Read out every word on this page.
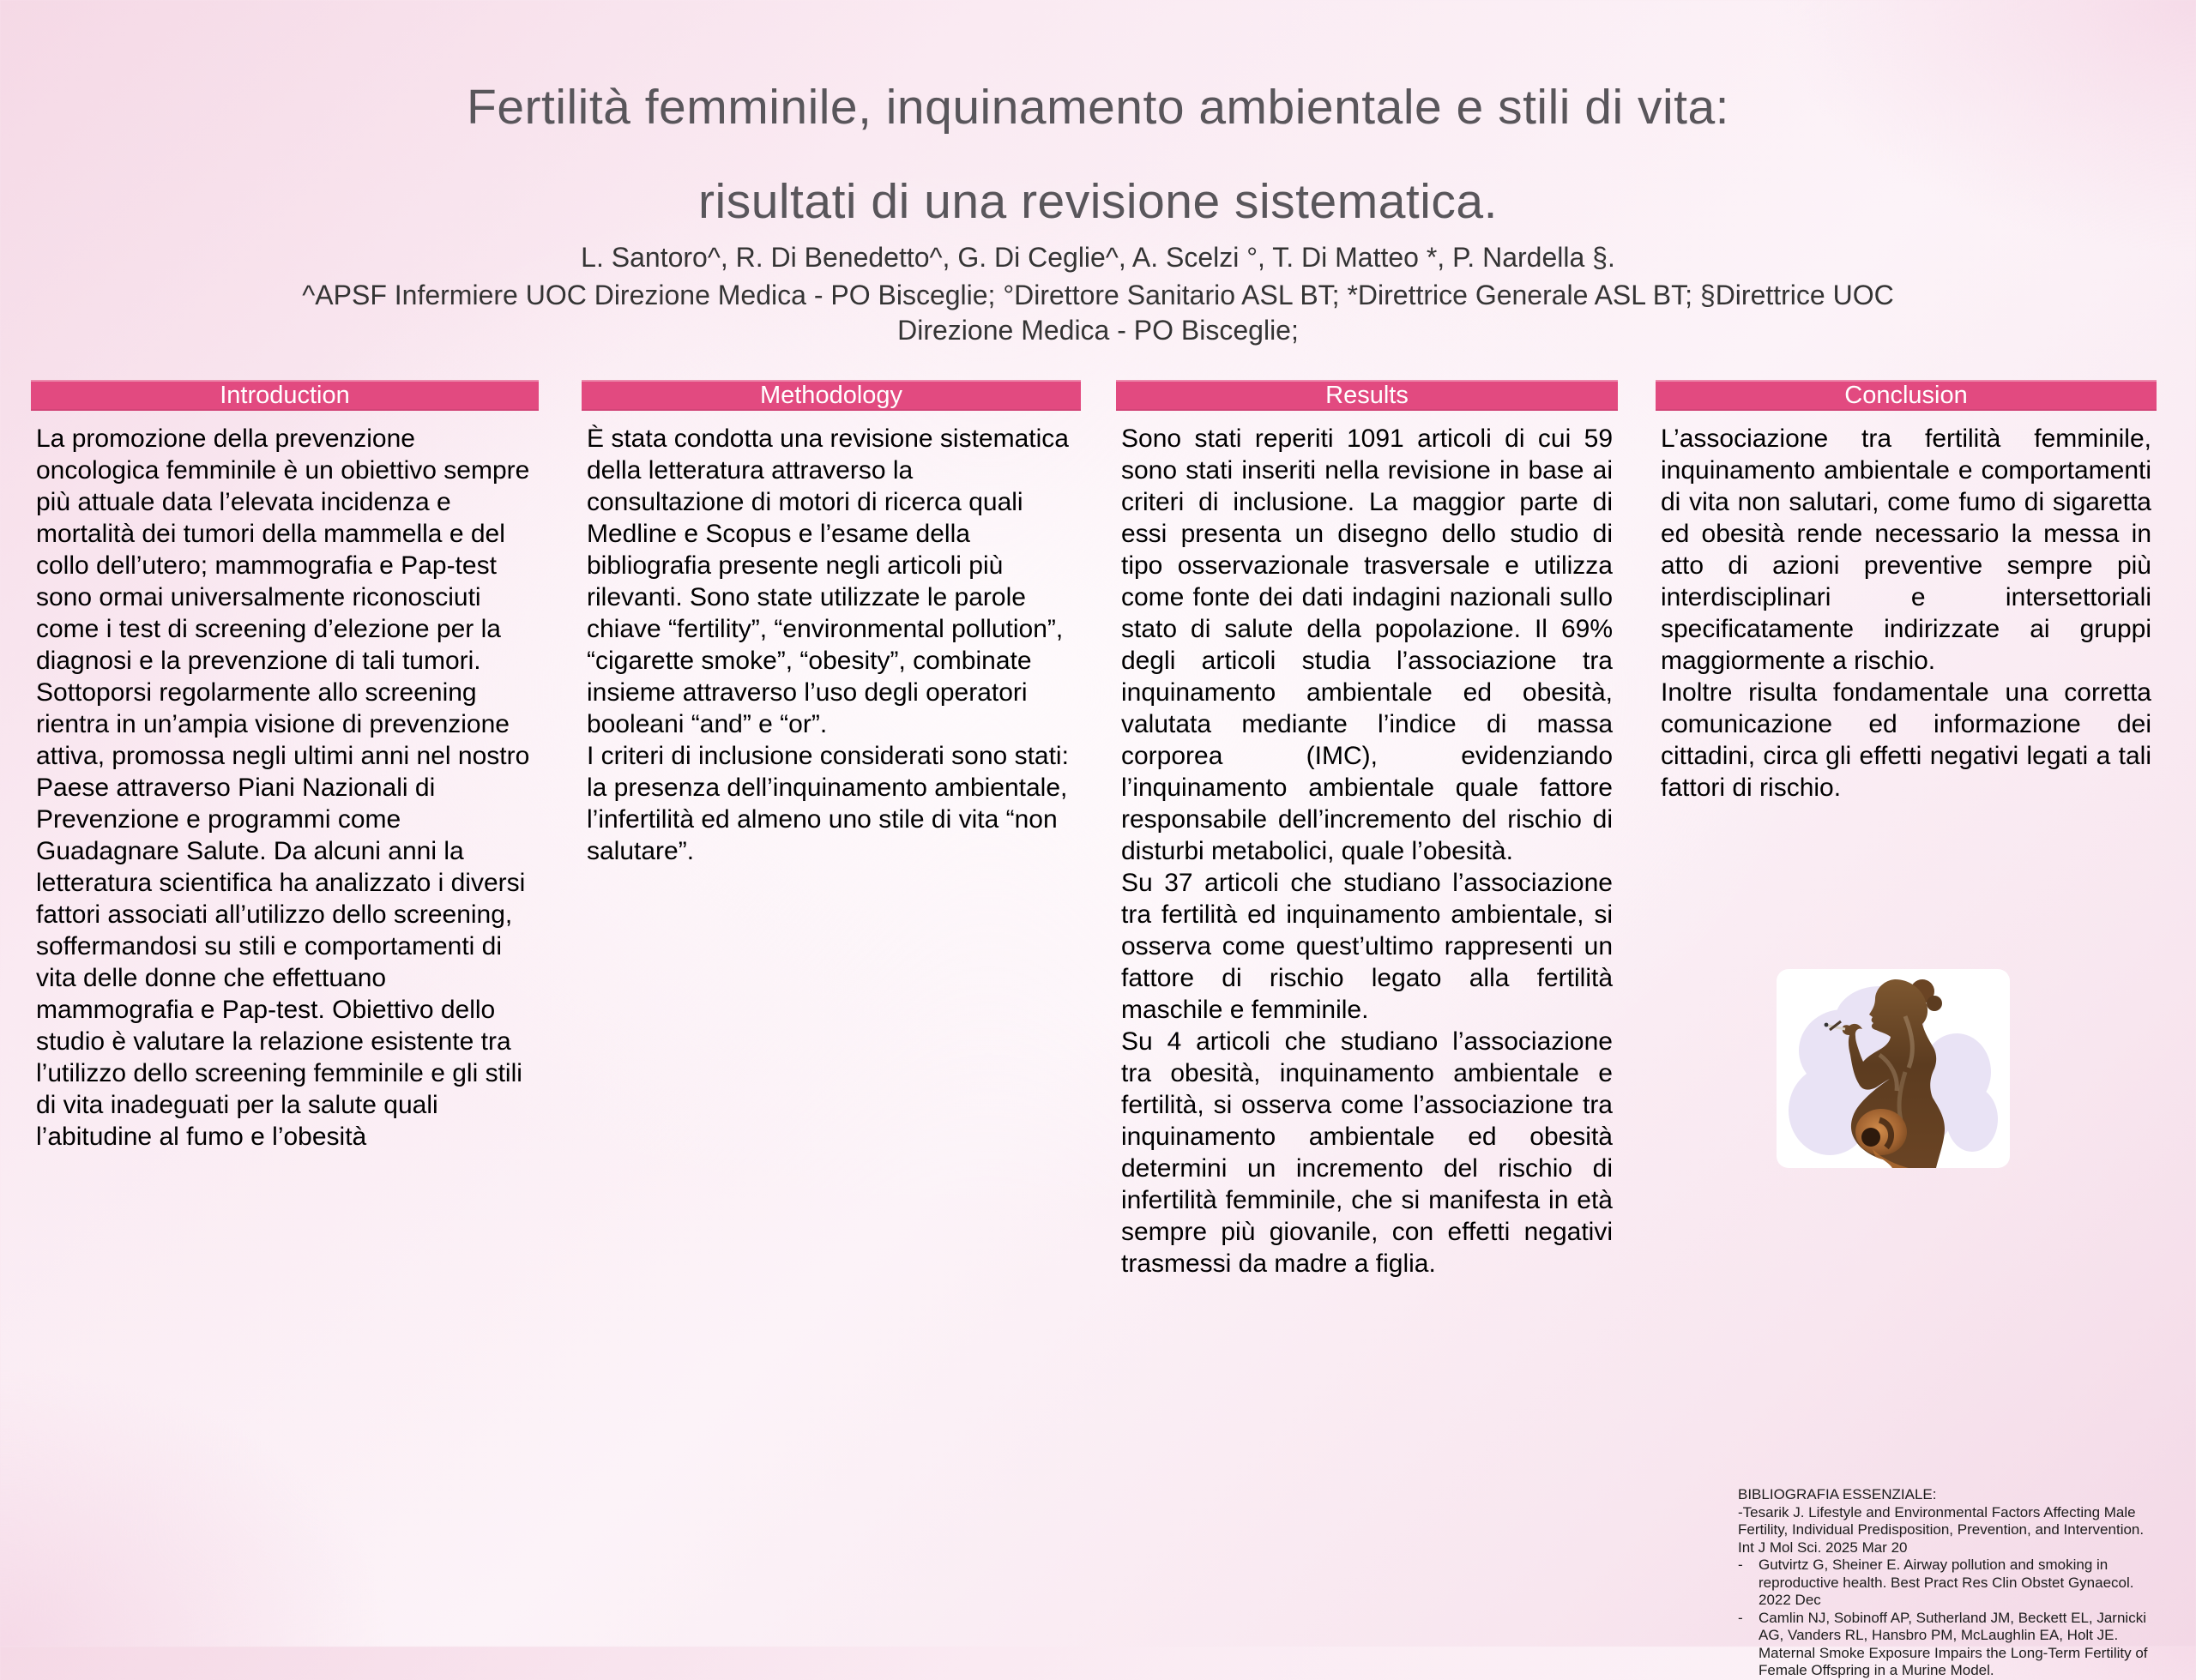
Fertilità femminile, inquinamento ambientale e stili di vita:
risultati di una revisione sistematica.
L. Santoro^, R. Di Benedetto^, G. Di Ceglie^, A. Scelzi °, T. Di Matteo *, P. Nardella §.
^APSF Infermiere UOC Direzione Medica - PO Bisceglie; °Direttore Sanitario ASL BT; *Direttrice Generale ASL BT; §Direttrice UOC
Direzione Medica - PO Bisceglie;
Introduction

La promozione della prevenzione oncologica femminile è un obiettivo sempre più attuale data l’elevata incidenza e mortalità dei tumori della mammella e del collo dell’utero; mammografia e Pap-test sono ormai universalmente riconosciuti come i test di screening d’elezione per la diagnosi e la prevenzione di tali tumori. Sottoporsi regolarmente allo screening rientra in un’ampia visione di prevenzione attiva, promossa negli ultimi anni nel nostro Paese attraverso Piani Nazionali di Prevenzione e programmi come Guadagnare Salute. Da alcuni anni la letteratura scientifica ha analizzato i diversi fattori associati all’utilizzo dello screening, soffermandosi su stili e comportamenti di vita delle donne che effettuano mammografia e Pap-test. Obiettivo dello studio è valutare la relazione esistente tra l’utilizzo dello screening femminile e gli stili di vita inadeguati per la salute quali l’abitudine al fumo e l’obesità

Methodology

È stata condotta una revisione sistematica della letteratura attraverso la consultazione di motori di ricerca quali Medline e Scopus e l’esame della bibliografia presente negli articoli più rilevanti. Sono state utilizzate le parole chiave “fertility”, “environmental pollution”, “cigarette smoke”, “obesity”, combinate insieme attraverso l’uso degli operatori booleani “and” e “or”.

I criteri di inclusione considerati sono stati: la presenza dell’inquinamento ambientale, l’infertilità ed almeno uno stile di vita “non salutare”.

Results

Sono stati reperiti 1091 articoli di cui 59 sono stati inseriti nella revisione in base ai criteri di inclusione. La maggior parte di essi presenta un disegno dello studio di tipo osservazionale trasversale e utilizza come fonte dei dati indagini nazionali sullo stato di salute della popolazione. Il 69% degli articoli studia l’associazione tra inquinamento ambientale ed obesità, valutata mediante l’indice di massa corporea (IMC), evidenziando l’inquinamento ambientale quale fattore responsabile dell’incremento del rischio di disturbi metabolici, quale l’obesità.

Su 37 articoli che studiano l’associazione tra fertilità ed inquinamento ambientale, si osserva come quest’ultimo rappresenti un fattore di rischio legato alla fertilità maschile e femminile.

Su 4 articoli che studiano l’associazione tra obesità, inquinamento ambientale e fertilità, si osserva come l’associazione tra inquinamento ambientale ed obesità determini un incremento del rischio di infertilità femminile, che si manifesta in età sempre più giovanile, con effetti negativi trasmessi da madre a figlia.

Conclusion

L’associazione tra fertilità femminile, inquinamento ambientale e comportamenti di vita non salutari, come fumo di sigaretta ed obesità rende necessario la messa in atto di azioni preventive sempre più interdisciplinari e intersettoriali specificatamente indirizzate ai gruppi maggiormente a rischio.

Inoltre risulta fondamentale una corretta comunicazione ed informazione dei cittadini, circa gli effetti negativi legati a tali fattori di rischio.

BIBLIOGRAFIA ESSENZIALE:
-Tesarik J. Lifestyle and Environmental Factors Affecting Male Fertility, Individual Predisposition, Prevention, and Intervention. Int J Mol Sci. 2025 Mar 20
-	Gutvirtz G, Sheiner E. Airway pollution and smoking in reproductive health. Best Pract Res Clin Obstet Gynaecol. 2022 Dec
-	Camlin NJ, Sobinoff AP, Sutherland JM, Beckett EL, Jarnicki AG, Vanders RL, Hansbro PM, McLaughlin EA, Holt JE. Maternal Smoke Exposure Impairs the Long-Term Fertility of Female Offspring in a Murine Model.
